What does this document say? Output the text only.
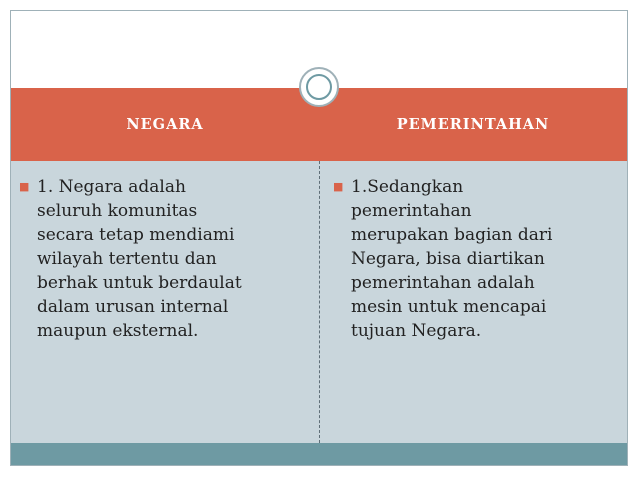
NEGARA	PEMERINTAHAN
■ 1. Negara adalah
seluruh komunitas
secara tetap mendiami
wilayah tertentu dan
berhak untuk berdaulat
dalam urusan internal
maupun eksternal.
■ 1.Sedangkan
pemerintahan
merupakan bagian dari
Negara, bisa diartikan
pemerintahan adalah
mesin untuk mencapai
tujuan Negara.
